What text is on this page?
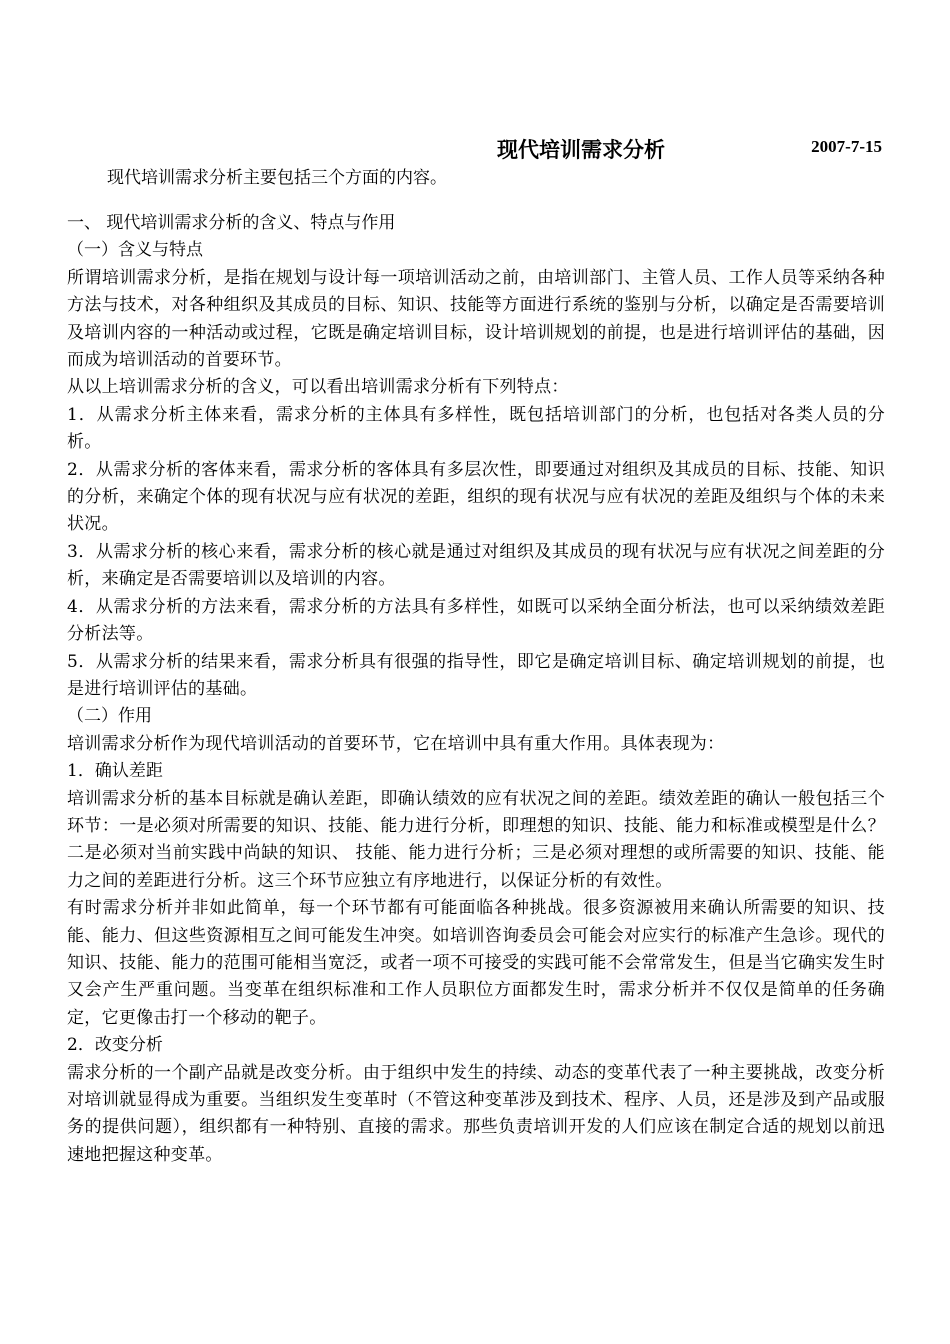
现代培训需求分析	2007-7-15
现代培训需求分析主要包括三个方面的内容。

一、 现代培训需求分析的含义、特点与作用

（一）含义与特点

所谓培训需求分析，是指在规划与设计每一项培训活动之前，由培训部门、主管人员、工作人员等采纳各种方法与技术，对各种组织及其成员的目标、知识、技能等方面进行系统的鉴别与分析，以确定是否需要培训及培训内容的一种活动或过程，它既是确定培训目标，设计培训规划的前提，也是进行培训评估的基础，因而成为培训活动的首要环节。

从以上培训需求分析的含义，可以看出培训需求分析有下列特点：

1．从需求分析主体来看，需求分析的主体具有多样性，既包括培训部门的分析，也包括对各类人员的分析。

2．从需求分析的客体来看，需求分析的客体具有多层次性，即要通过对组织及其成员的目标、技能、知识的分析，来确定个体的现有状况与应有状况的差距，组织的现有状况与应有状况的差距及组织与个体的未来状况。

3．从需求分析的核心来看，需求分析的核心就是通过对组织及其成员的现有状况与应有状况之间差距的分析，来确定是否需要培训以及培训的内容。

4．从需求分析的方法来看，需求分析的方法具有多样性，如既可以采纳全面分析法，也可以采纳绩效差距分析法等。

5．从需求分析的结果来看，需求分析具有很强的指导性，即它是确定培训目标、确定培训规划的前提，也是进行培训评估的基础。

（二）作用

培训需求分析作为现代培训活动的首要环节，它在培训中具有重大作用。具体表现为：

1．确认差距

培训需求分析的基本目标就是确认差距，即确认绩效的应有状况之间的差距。绩效差距的确认一般包括三个环节：一是必须对所需要的知识、技能、能力进行分析，即理想的知识、技能、能力和标准或模型是什么？二是必须对当前实践中尚缺的知识、 技能、能力进行分析；三是必须对理想的或所需要的知识、技能、能力之间的差距进行分析。这三个环节应独立有序地进行，以保证分析的有效性。

有时需求分析并非如此简单，每一个环节都有可能面临各种挑战。很多资源被用来确认所需要的知识、技能、能力、但这些资源相互之间可能发生冲突。如培训咨询委员会可能会对应实行的标准产生急诊。现代的知识、技能、能力的范围可能相当宽泛，或者一项不可接受的实践可能不会常常发生，但是当它确实发生时又会产生严重问题。当变革在组织标准和工作人员职位方面都发生时，需求分析并不仅仅是简单的任务确定，它更像击打一个移动的靶子。

2．改变分析

需求分析的一个副产品就是改变分析。由于组织中发生的持续、动态的变革代表了一种主要挑战，改变分析对培训就显得成为重要。当组织发生变革时（不管这种变革涉及到技术、程序、人员，还是涉及到产品或服务的提供问题），组织都有一种特别、直接的需求。那些负责培训开发的人们应该在制定合适的规划以前迅速地把握这种变革。
